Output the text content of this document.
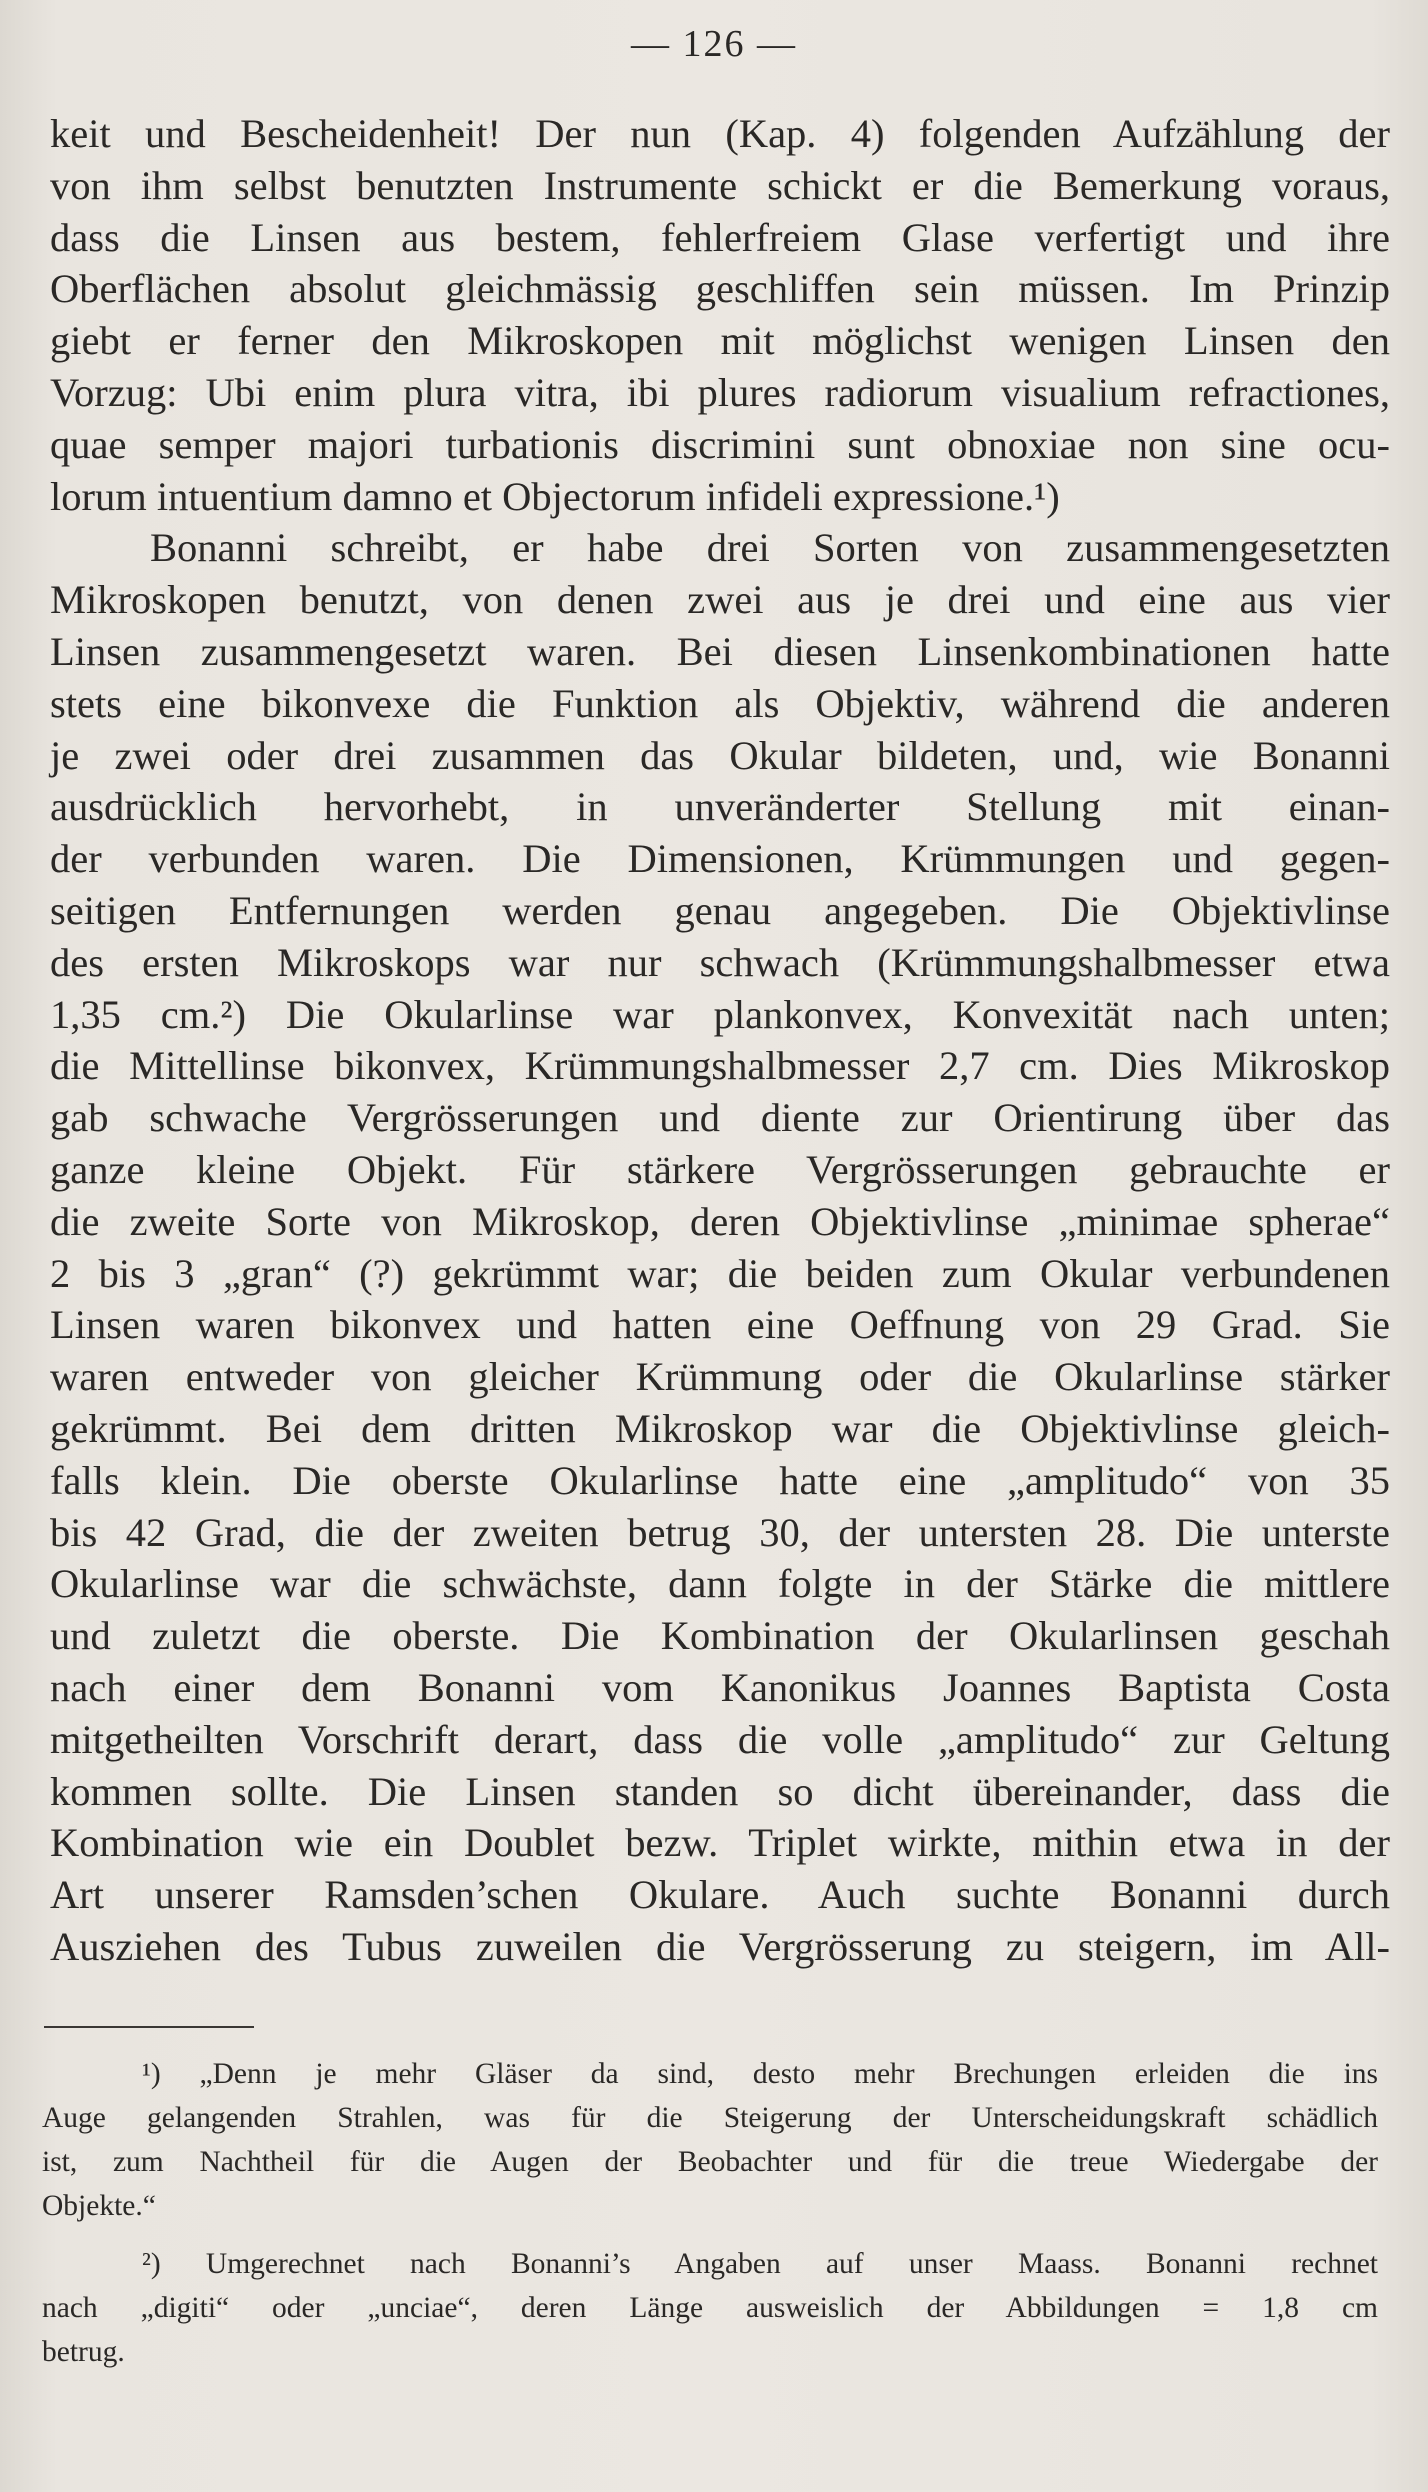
— 126 —
keit und Bescheidenheit! Der nun (Kap. 4) folgenden Aufzählung der
von ihm selbst benutzten Instrumente schickt er die Bemerkung voraus,
dass die Linsen aus bestem, fehlerfreiem Glase verfertigt und ihre
Oberflächen absolut gleichmässig geschliffen sein müssen. Im Prinzip
giebt er ferner den Mikroskopen mit möglichst wenigen Linsen den
Vorzug: Ubi enim plura vitra, ibi plures radiorum visualium refractiones,
quae semper majori turbationis discrimini sunt obnoxiae non sine ocu-
lorum intuentium damno et Objectorum infideli expressione.¹)
Bonanni schreibt, er habe drei Sorten von zusammengesetzten
Mikroskopen benutzt, von denen zwei aus je drei und eine aus vier
Linsen zusammengesetzt waren. Bei diesen Linsenkombinationen hatte
stets eine bikonvexe die Funktion als Objektiv, während die anderen
je zwei oder drei zusammen das Okular bildeten, und, wie Bonanni
ausdrücklich hervorhebt, in unveränderter Stellung mit einan-
der verbunden waren. Die Dimensionen, Krümmungen und gegen-
seitigen Entfernungen werden genau angegeben. Die Objektivlinse
des ersten Mikroskops war nur schwach (Krümmungshalbmesser etwa
1,35 cm.²) Die Okularlinse war plankonvex, Konvexität nach unten;
die Mittellinse bikonvex, Krümmungshalbmesser 2,7 cm. Dies Mikroskop
gab schwache Vergrösserungen und diente zur Orientirung über das
ganze kleine Objekt. Für stärkere Vergrösserungen gebrauchte er
die zweite Sorte von Mikroskop, deren Objektivlinse „minimae spherae“
2 bis 3 „gran“ (?) gekrümmt war; die beiden zum Okular verbundenen
Linsen waren bikonvex und hatten eine Oeffnung von 29 Grad. Sie
waren entweder von gleicher Krümmung oder die Okularlinse stärker
gekrümmt. Bei dem dritten Mikroskop war die Objektivlinse gleich-
falls klein. Die oberste Okularlinse hatte eine „amplitudo“ von 35
bis 42 Grad, die der zweiten betrug 30, der untersten 28. Die unterste
Okularlinse war die schwächste, dann folgte in der Stärke die mittlere
und zuletzt die oberste. Die Kombination der Okularlinsen geschah
nach einer dem Bonanni vom Kanonikus Joannes Baptista Costa
mitgetheilten Vorschrift derart, dass die volle „amplitudo“ zur Geltung
kommen sollte. Die Linsen standen so dicht übereinander, dass die
Kombination wie ein Doublet bezw. Triplet wirkte, mithin etwa in der
Art unserer Ramsden’schen Okulare. Auch suchte Bonanni durch
Ausziehen des Tubus zuweilen die Vergrösserung zu steigern, im All-
¹) „Denn je mehr Gläser da sind, desto mehr Brechungen erleiden die ins
Auge gelangenden Strahlen, was für die Steigerung der Unterscheidungskraft schädlich
ist, zum Nachtheil für die Augen der Beobachter und für die treue Wiedergabe der
Objekte.“
²) Umgerechnet nach Bonanni’s Angaben auf unser Maass. Bonanni rechnet
nach „digiti“ oder „unciae“, deren Länge ausweislich der Abbildungen = 1,8 cm
betrug.
